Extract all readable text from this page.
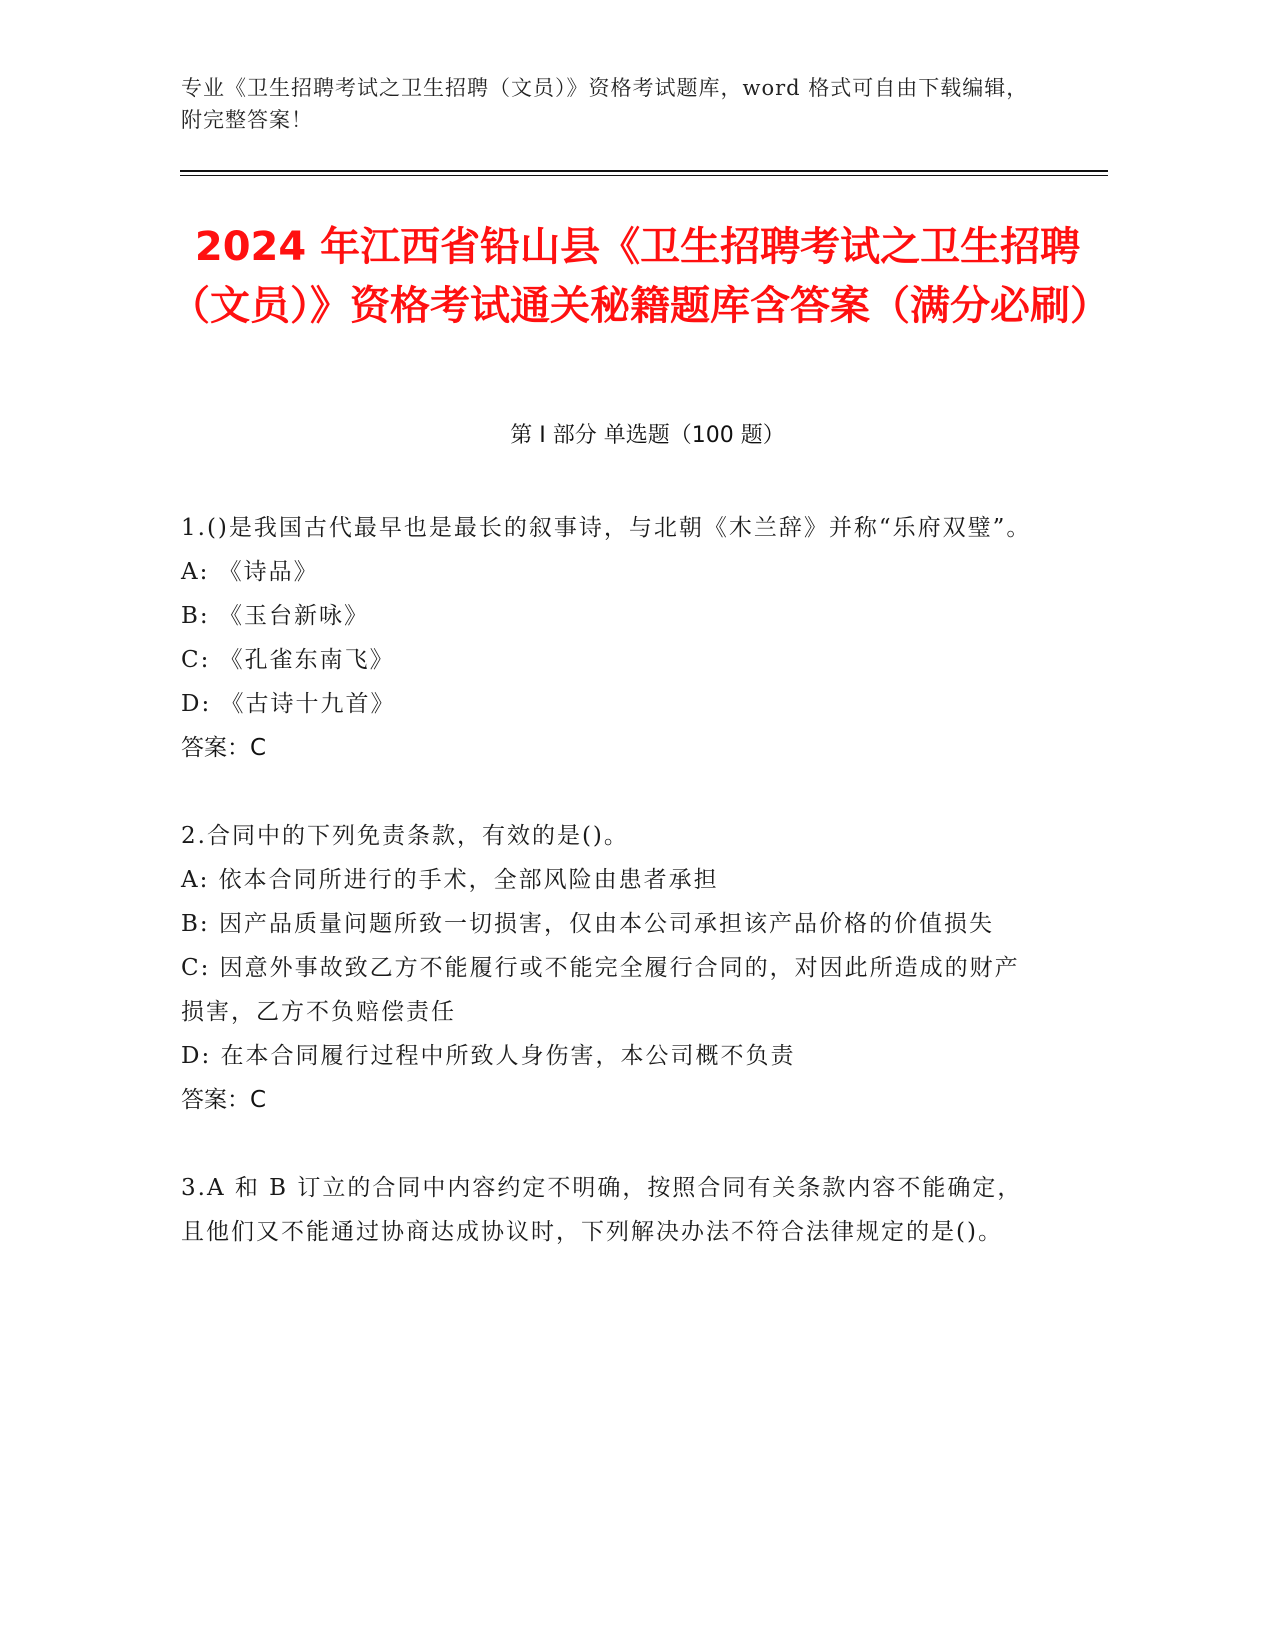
专业《卫生招聘考试之卫生招聘（文员）》资格考试题库，word 格式可自由下载编辑，附完整答案！
2024 年江西省铅山县《卫生招聘考试之卫生招聘（文员）》资格考试通关秘籍题库含答案（满分必刷）
第 I 部分 单选题（100 题）

1.()是我国古代最早也是最长的叙事诗，与北朝《木兰辞》并称“乐府双璧”。

A: 《诗品》

B: 《玉台新咏》

C: 《孔雀东南飞》

D: 《古诗十九首》

答案：C

2.合同中的下列免责条款，有效的是()。

A: 依本合同所进行的手术，全部风险由患者承担

B: 因产品质量问题所致一切损害，仅由本公司承担该产品价格的价值损失

C: 因意外事故致乙方不能履行或不能完全履行合同的，对因此所造成的财产损害，乙方不负赔偿责任

D: 在本合同履行过程中所致人身伤害，本公司概不负责

答案：C

3.A 和 B 订立的合同中内容约定不明确，按照合同有关条款内容不能确定，且他们又不能通过协商达成协议时，下列解决办法不符合法律规定的是()。
